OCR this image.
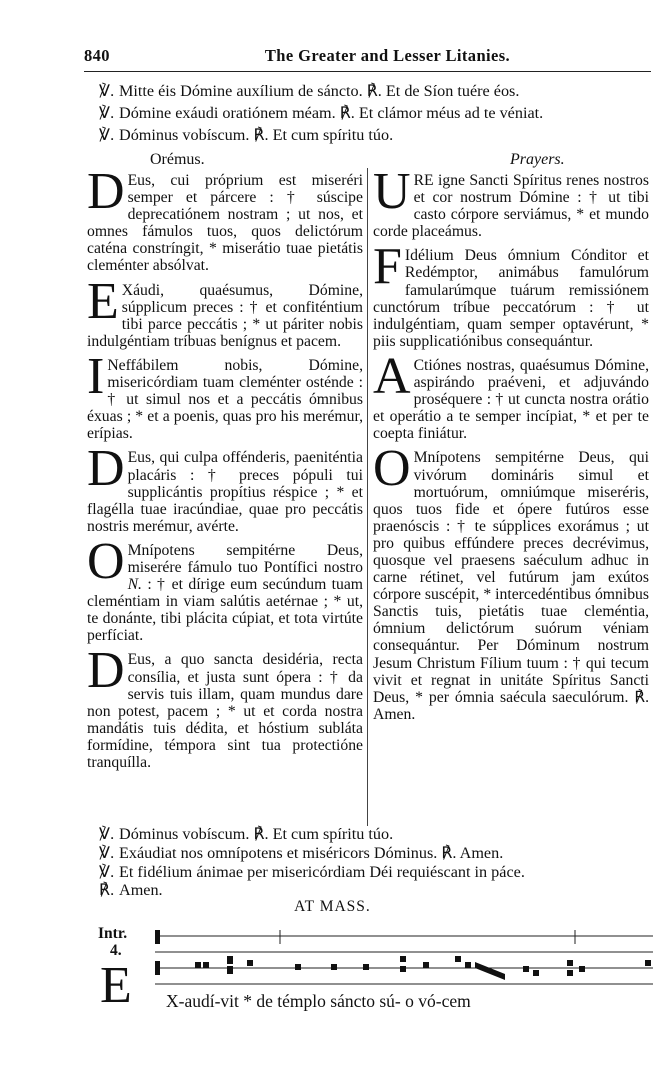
840	The Greater and Lesser Litanies.
℣. Mitte éis Dómine auxílium de sáncto. ℟. Et de Síon tuére éos.
℣. Dómine exáudi oratiónem méam. ℟. Et clámor méus ad te véniat.
℣. Dóminus vobíscum. ℟. Et cum spíritu túo.
Orémus.	Prayers.

D Eus, cui próprium est miseréri semper et párcere : † súscipe deprecatiónem nostram ; ut nos, et omnes fámulos tuos, quos delictórum caténa constríngit, * miserátio tuae pietátis cleménter absólvat.

E Xáudi, quaésumus, Dómine, súpplicum preces : † et confiténtium tibi parce peccátis ; * ut páriter nobis indulgéntiam tríbuas benígnus et pacem.

I Neffábilem nobis, Dómine, misericórdiam tuam cleménter osténde : † ut simul nos et a peccátis ómnibus éxuas ; * et a poenis, quas pro his merémur, erípias.

D Eus, qui culpa offénderis, paeniténtia placáris : † preces pópuli tui supplicántis propítius réspice ; * et flagélla tuae iracúndiae, quae pro peccátis nostris merémur, avérte.

O Mnípotens sempitérne Deus, miserére fámulo tuo Pontífici nostro N. : † et dírige eum secúndum tuam cleméntiam in viam salútis aetérnae ; * ut, te donánte, tibi plácita cúpiat, et tota virtúte perfíciat.

D Eus, a quo sancta desidéria, recta consília, et justa sunt ópera : † da servis tuis illam, quam mundus dare non potest, pacem ; * ut et corda nostra mandátis tuis dédita, et hóstium subláta formídine, témpora sint tua protectióne tranquílla.

URE igne Sancti Spíritus renes nostros et cor nostrum Dómine : † ut tibi casto córpore serviámus, * et mundo corde placeámus.

F Idélium Deus ómnium Cónditor et Redémptor, animábus famulórum famularúmque tuárum remissiónem cunctórum tríbue peccatórum : † ut indulgéntiam, quam semper optavérunt, * piis supplicatiónibus consequántur.

A Ctiónes nostras, quaésumus Dómine, aspirándo praéveni, et adjuvándo proséquere : † ut cuncta nostra orátio et operátio a te semper incípiat, * et per te coepta finiátur.

O Mnípotens sempitérne Deus, qui vivórum domináris simul et mortuórum, omniúmque miseréris, quos tuos fide et ópere futúros esse praenóscis : † te súpplices exorámus ; ut pro quibus effúndere preces decrévimus, quosque vel praesens saéculum adhuc in carne rétinet, vel futúrum jam exútos córpore suscépit, * intercedéntibus ómnibus Sanctis tuis, pietátis tuae cleméntia, ómnium delictórum suórum véniam consequántur. Per Dóminum nostrum Jesum Christum Fílium tuum : † qui tecum vivit et regnat in unitáte Spíritus Sancti Deus, * per ómnia saécula saeculórum. ℟. Amen.

℣. Dóminus vobíscum. ℟. Et cum spíritu túo.
℣. Exáudiat nos omnípotens et miséricors Dóminus. ℟. Amen.
℣. Et fidélium ánimae per misericórdiam Déi requiéscant in páce.
℟. Amen.
AT MASS.
Intr.
4.
E X-audí-vit * de témplo sáncto sú- o vó-cem
